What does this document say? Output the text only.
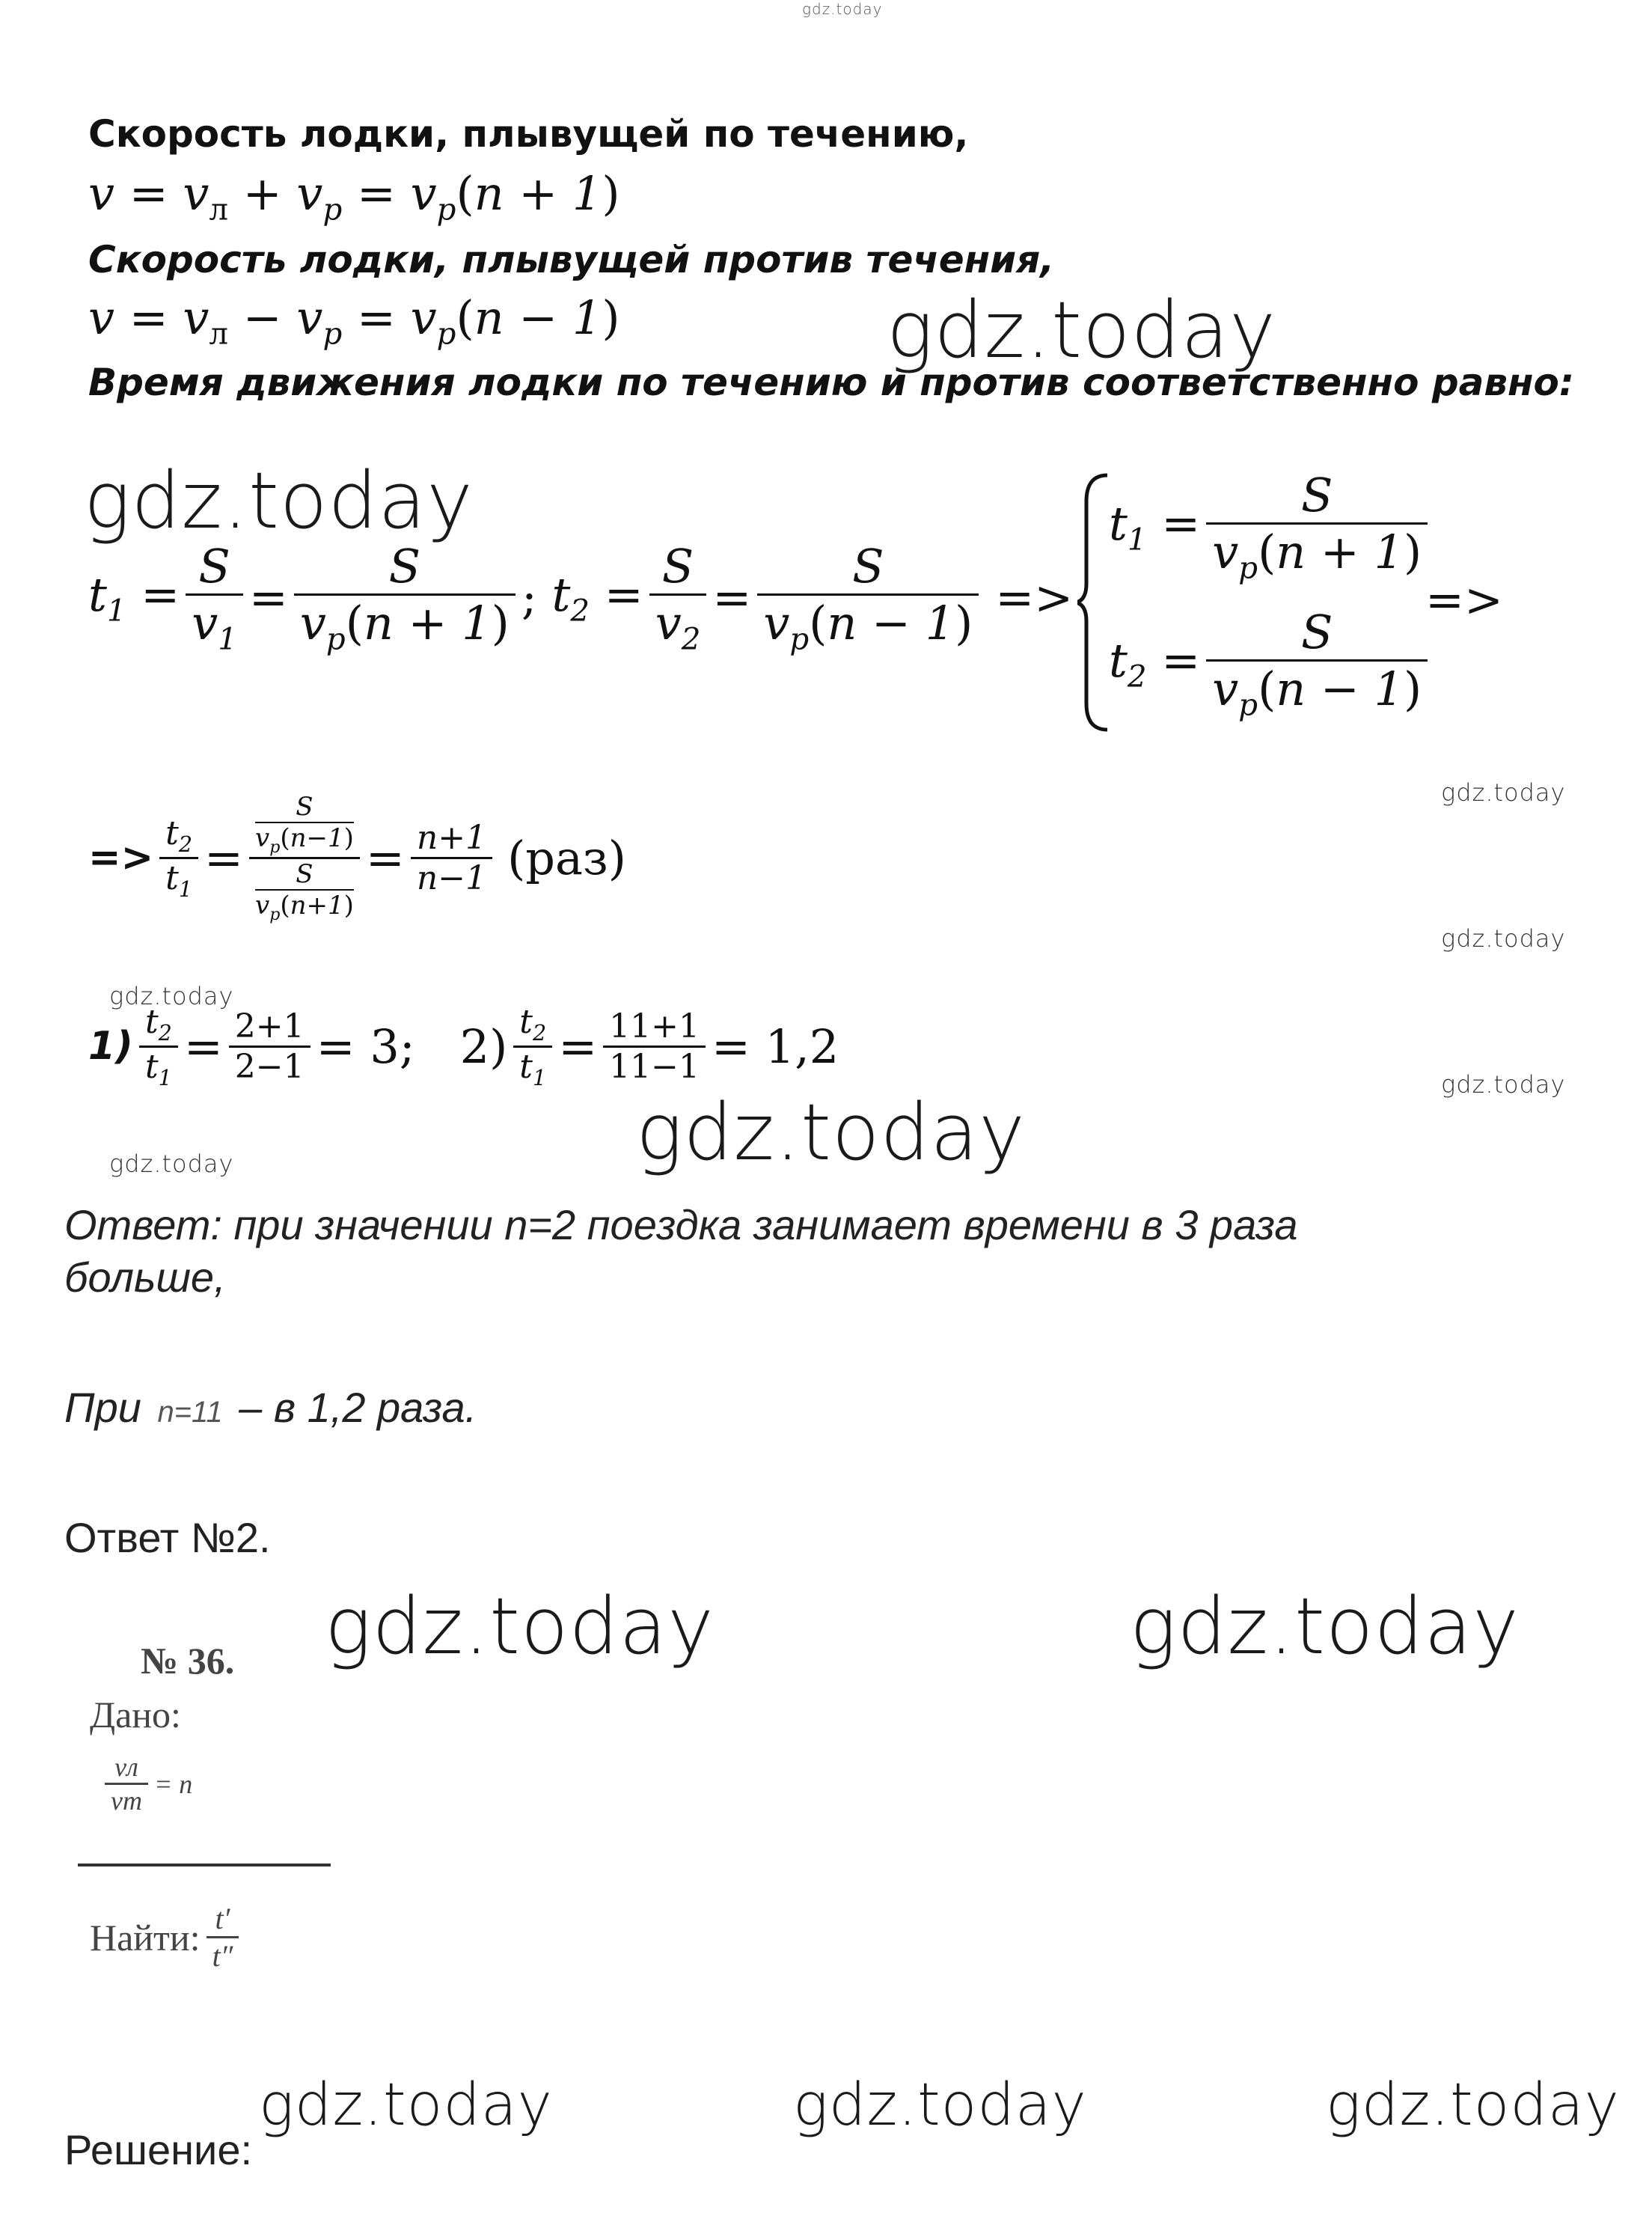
gdz.today
Скорость лодки, плывущей по течению,
$v = v_л + v_p = v_p(n + 1)$
Скорость лодки, плывущей против течения,
$v = v_л - v_p = v_p(n - 1)$	gdz.today
Время движения лодки по течению и против соответственно равно:
gdz.today
$t_1 = \frac{S}{v_1} = \frac{S}{v_p(n + 1)}$ ; $t_2 = \frac{S}{v_2} = \frac{S}{v_p(n - 1)}$ =>
$t_1 = \frac{S}{v_p(n + 1)}$
$t_2 = \frac{S}{v_p(n - 1)}$
=>
gdz.today
=> $\frac{t_2}{t_1} = S$
$v_p(n-1)$
S
$v_p(n+1) = \frac{n+1}{n-1} (раз)$
gdz.today
gdz.today
$1) \frac{t_2}{t_1} = \frac{2+1}{2-1} = 3$; $2) \frac{t_2}{t_1} = \frac{11+1}{11-1} = 1,2$
gdz.today
gdz.today
gdz.today
Ответ: при значении n=2 поездка занимает времени в 3 раза
больше,
При n=11 – в 1,2 раза.
Ответ №2.
gdz.today	gdz.today
№ 36.
Дано:
$\frac{vл}{vт} = n$
Найти: $\frac{t'}{t''}$
gdz.today	gdz.today	gdz.today
Решение:
